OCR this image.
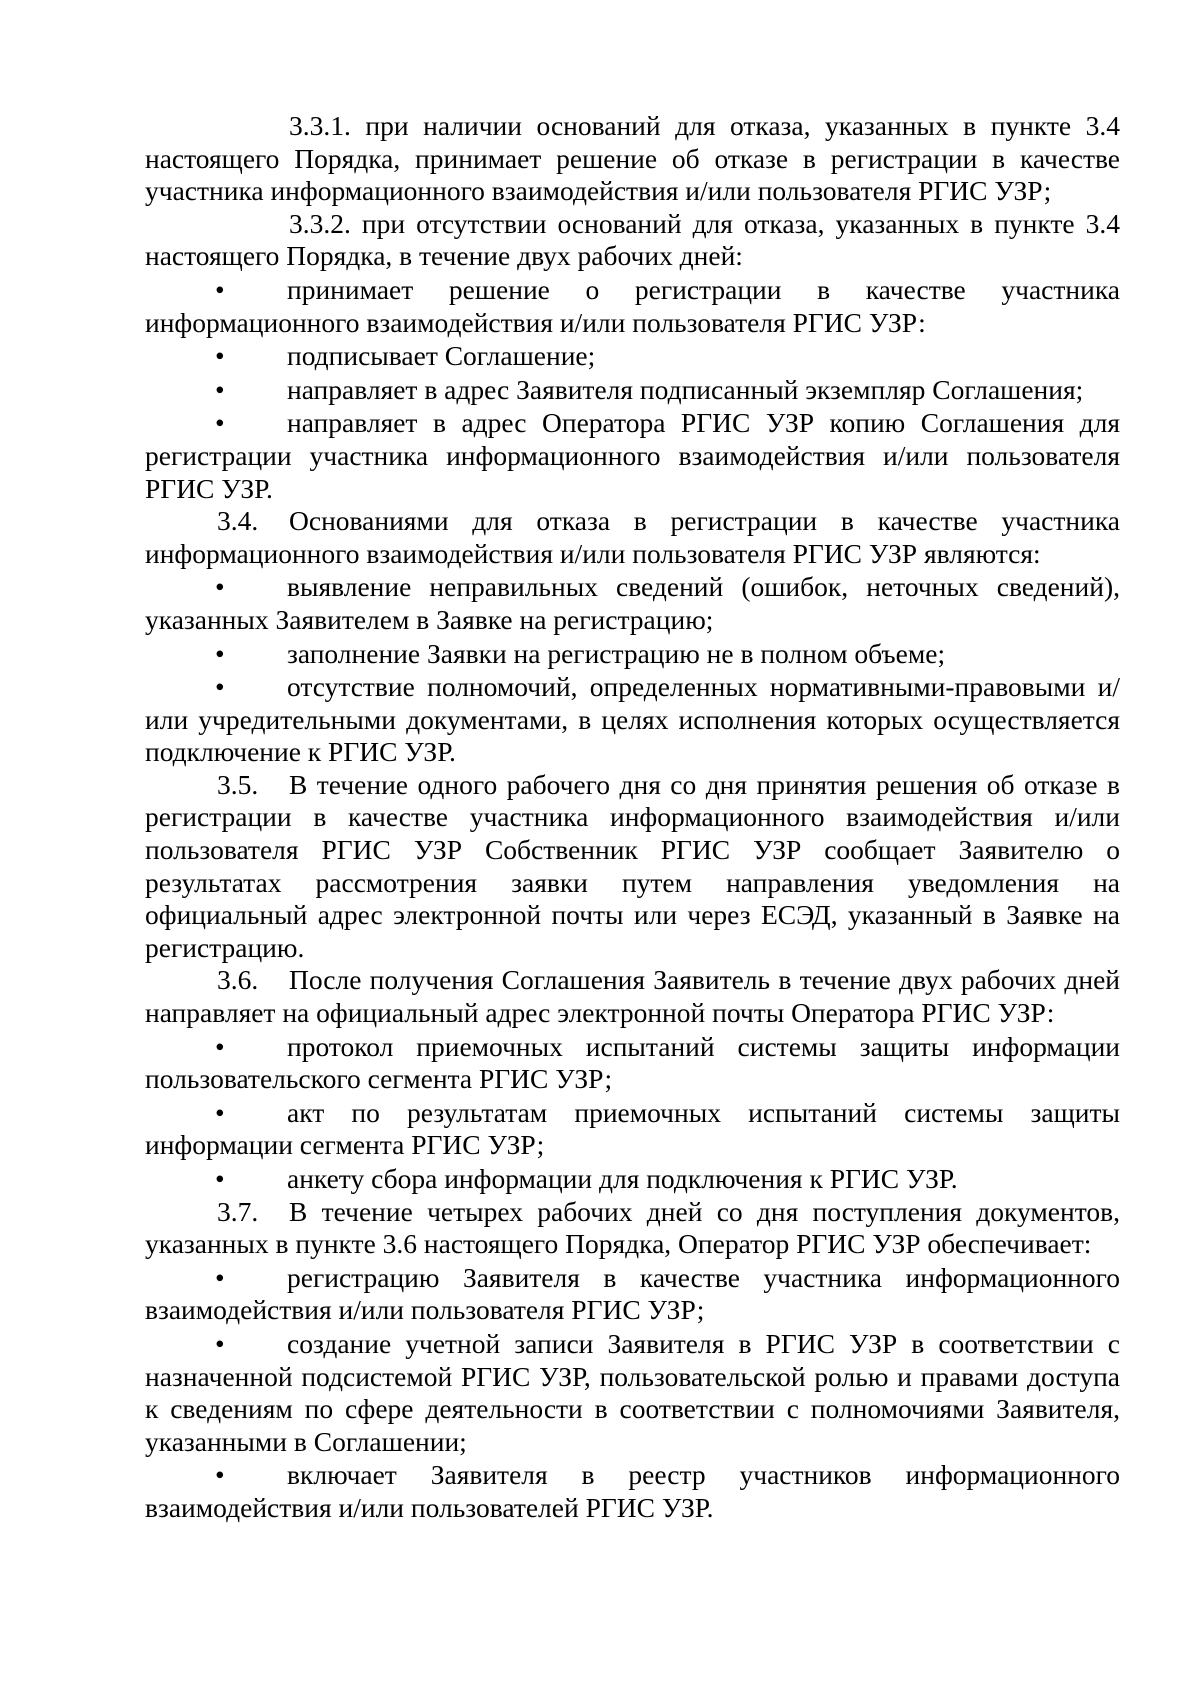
3.3.1. при наличии оснований для отказа, указанных в пункте 3.4 настоящего Порядка, принимает решение об отказе в регистрации в качестве участника информационного взаимодействия и/или пользователя РГИС УЗР;

3.3.2. при отсутствии оснований для отказа, указанных в пункте 3.4 настоящего Порядка, в течение двух рабочих дней:

• принимает решение о регистрации в качестве участника информационного взаимодействия и/или пользователя РГИС УЗР:

• подписывает Соглашение;

• направляет в адрес Заявителя подписанный экземпляр Соглашения;

• направляет в адрес Оператора РГИС УЗР копию Соглашения для регистрации участника информационного взаимодействия и/или пользователя РГИС УЗР.

3.4. Основаниями для отказа в регистрации в качестве участника информационного взаимодействия и/или пользователя РГИС УЗР являются:

• выявление неправильных сведений (ошибок, неточных сведений), указанных Заявителем в Заявке на регистрацию;

• заполнение Заявки на регистрацию не в полном объеме;

• отсутствие полномочий, определенных нормативными-правовыми и/или учредительными документами, в целях исполнения которых осуществляется подключение к РГИС УЗР.

3.5. В течение одного рабочего дня со дня принятия решения об отказе в регистрации в качестве участника информационного взаимодействия и/или пользователя РГИС УЗР Собственник РГИС УЗР сообщает Заявителю о результатах рассмотрения заявки путем направления уведомления на официальный адрес электронной почты или через ЕСЭД, указанный в Заявке на регистрацию.

3.6. После получения Соглашения Заявитель в течение двух рабочих дней направляет на официальный адрес электронной почты Оператора РГИС УЗР:

• протокол приемочных испытаний системы защиты информации пользовательского сегмента РГИС УЗР;

• акт по результатам приемочных испытаний системы защиты информации сегмента РГИС УЗР;

• анкету сбора информации для подключения к РГИС УЗР.

3.7. В течение четырех рабочих дней со дня поступления документов, указанных в пункте 3.6 настоящего Порядка, Оператор РГИС УЗР обеспечивает:

• регистрацию Заявителя в качестве участника информационного взаимодействия и/или пользователя РГИС УЗР;

• создание учетной записи Заявителя в РГИС УЗР в соответствии с назначенной подсистемой РГИС УЗР, пользовательской ролью и правами доступа к сведениям по сфере деятельности в соответствии с полномочиями Заявителя, указанными в Соглашении;

• включает Заявителя в реестр участников информационного взаимодействия и/или пользователей РГИС УЗР.
